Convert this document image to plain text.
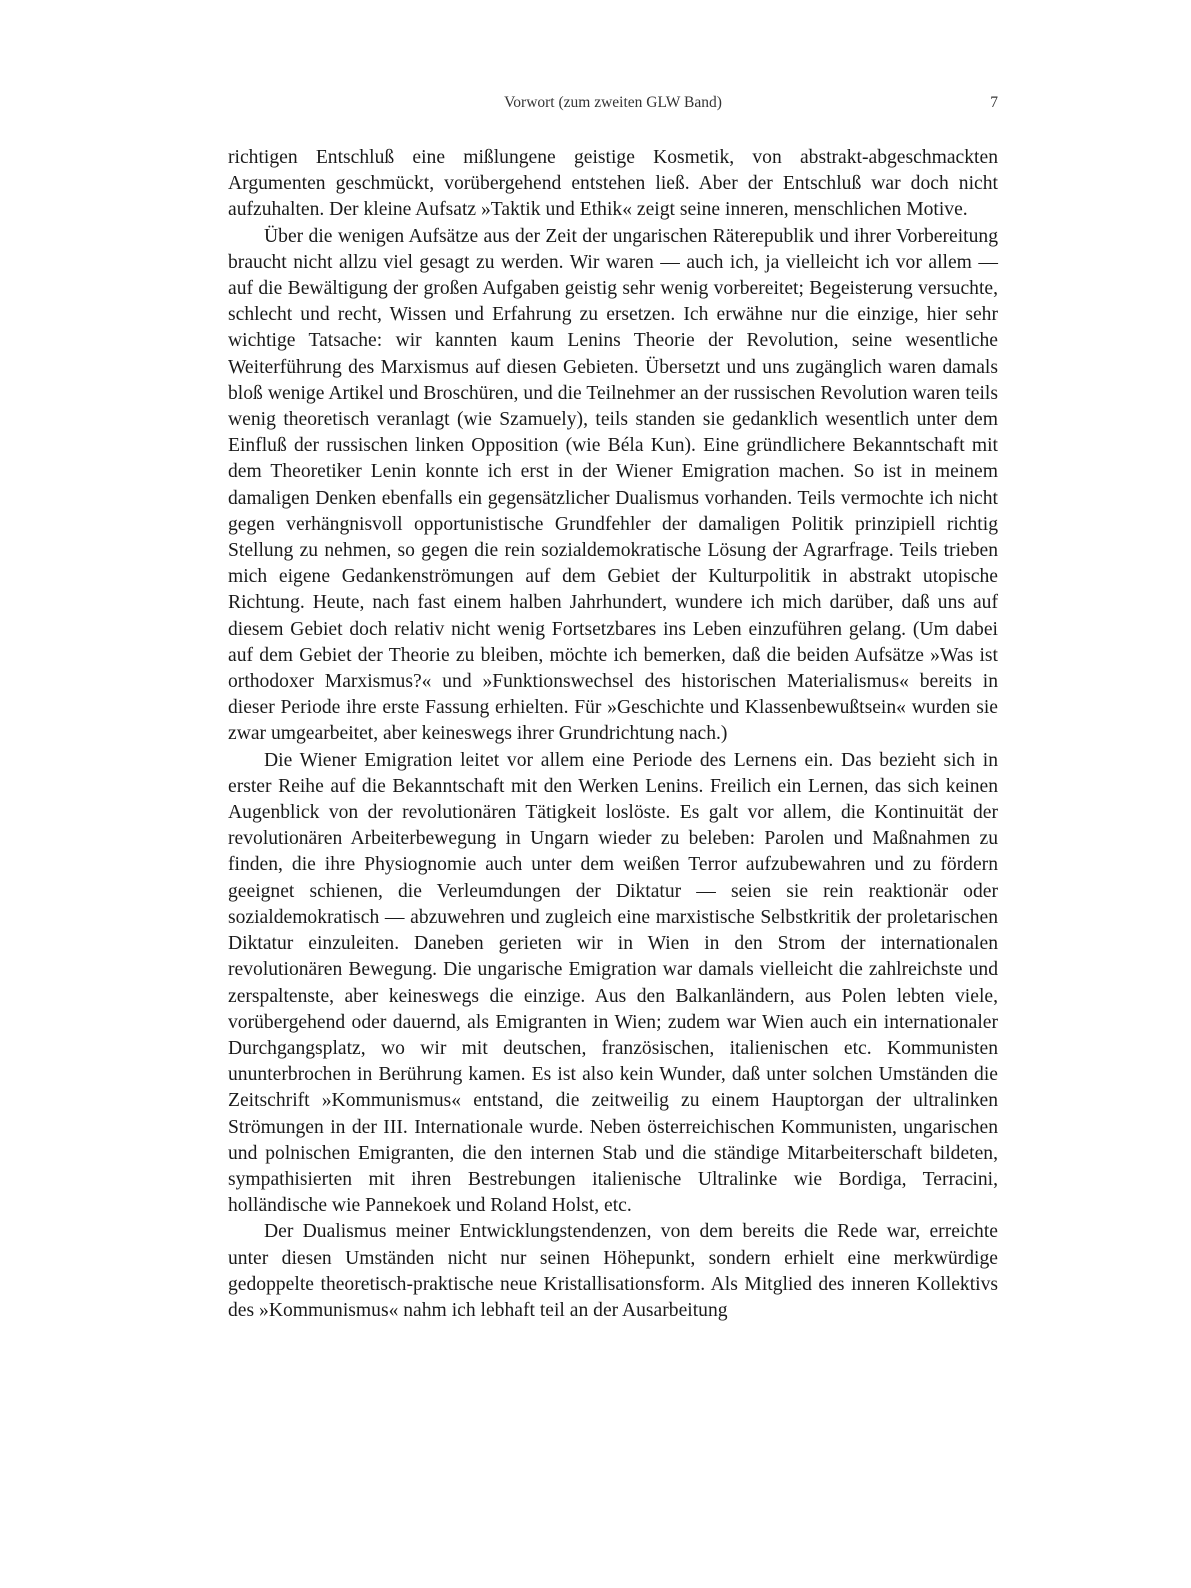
Vorwort (zum zweiten GLW Band)	7

richtigen Entschluß eine mißlungene geistige Kosmetik, von abstrakt-abgeschmackten Argumenten geschmückt, vorübergehend entstehen ließ. Aber der Entschluß war doch nicht aufzuhalten. Der kleine Aufsatz »Taktik und Ethik« zeigt seine inneren, menschlichen Motive.

Über die wenigen Aufsätze aus der Zeit der ungarischen Räterepublik und ihrer Vorbereitung braucht nicht allzu viel gesagt zu werden. Wir waren — auch ich, ja vielleicht ich vor allem — auf die Bewältigung der großen Aufgaben geistig sehr wenig vorbereitet; Begeisterung versuchte, schlecht und recht, Wissen und Erfahrung zu ersetzen. Ich erwähne nur die einzige, hier sehr wichtige Tatsache: wir kannten kaum Lenins Theorie der Revolution, seine wesentliche Weiterführung des Marxismus auf diesen Gebieten. Übersetzt und uns zugänglich waren damals bloß wenige Artikel und Broschüren, und die Teilnehmer an der russischen Revolution waren teils wenig theoretisch veranlagt (wie Szamuely), teils standen sie gedanklich wesentlich unter dem Einfluß der russischen linken Opposition (wie Béla Kun). Eine gründlichere Bekanntschaft mit dem Theoretiker Lenin konnte ich erst in der Wiener Emigration machen. So ist in meinem damaligen Denken ebenfalls ein gegensätzlicher Dualismus vorhanden. Teils vermochte ich nicht gegen verhängnisvoll opportunistische Grundfehler der damaligen Politik prinzipiell richtig Stellung zu nehmen, so gegen die rein sozialdemokratische Lösung der Agrarfrage. Teils trieben mich eigene Gedankenströmungen auf dem Gebiet der Kulturpolitik in abstrakt utopische Richtung. Heute, nach fast einem halben Jahrhundert, wundere ich mich darüber, daß uns auf diesem Gebiet doch relativ nicht wenig Fortsetzbares ins Leben einzuführen gelang. (Um dabei auf dem Gebiet der Theorie zu bleiben, möchte ich bemerken, daß die beiden Aufsätze »Was ist orthodoxer Marxismus?« und »Funktionswechsel des historischen Materialismus« bereits in dieser Periode ihre erste Fassung erhielten. Für »Geschichte und Klassenbewußtsein« wurden sie zwar umgearbeitet, aber keineswegs ihrer Grundrichtung nach.)

Die Wiener Emigration leitet vor allem eine Periode des Lernens ein. Das bezieht sich in erster Reihe auf die Bekanntschaft mit den Werken Lenins. Freilich ein Lernen, das sich keinen Augenblick von der revolutionären Tätigkeit loslöste. Es galt vor allem, die Kontinuität der revolutionären Arbeiterbewegung in Ungarn wieder zu beleben: Parolen und Maßnahmen zu finden, die ihre Physiognomie auch unter dem weißen Terror aufzubewahren und zu fördern geeignet schienen, die Verleumdungen der Diktatur — seien sie rein reaktionär oder sozialdemokratisch — abzuwehren und zugleich eine marxistische Selbstkritik der proletarischen Diktatur einzuleiten. Daneben gerieten wir in Wien in den Strom der internationalen revolutionären Bewegung. Die ungarische Emigration war damals vielleicht die zahlreichste und zerspaltenste, aber keineswegs die einzige. Aus den Balkanländern, aus Polen lebten viele, vorübergehend oder dauernd, als Emigranten in Wien; zudem war Wien auch ein internationaler Durchgangsplatz, wo wir mit deutschen, französischen, italienischen etc. Kommunisten ununterbrochen in Berührung kamen. Es ist also kein Wunder, daß unter solchen Umständen die Zeitschrift »Kommunismus« entstand, die zeitweilig zu einem Hauptorgan der ultralinken Strömungen in der III. Internationale wurde. Neben österreichischen Kommunisten, ungarischen und polnischen Emigranten, die den internen Stab und die ständige Mitarbeiterschaft bildeten, sympathisierten mit ihren Bestrebungen italienische Ultralinke wie Bordiga, Terracini, holländische wie Pannekoek und Roland Holst, etc.

Der Dualismus meiner Entwicklungstendenzen, von dem bereits die Rede war, erreichte unter diesen Umständen nicht nur seinen Höhepunkt, sondern erhielt eine merkwürdige gedoppelte theoretisch-praktische neue Kristallisationsform. Als Mitglied des inneren Kollektivs des »Kommunismus« nahm ich lebhaft teil an der Ausarbeitung
